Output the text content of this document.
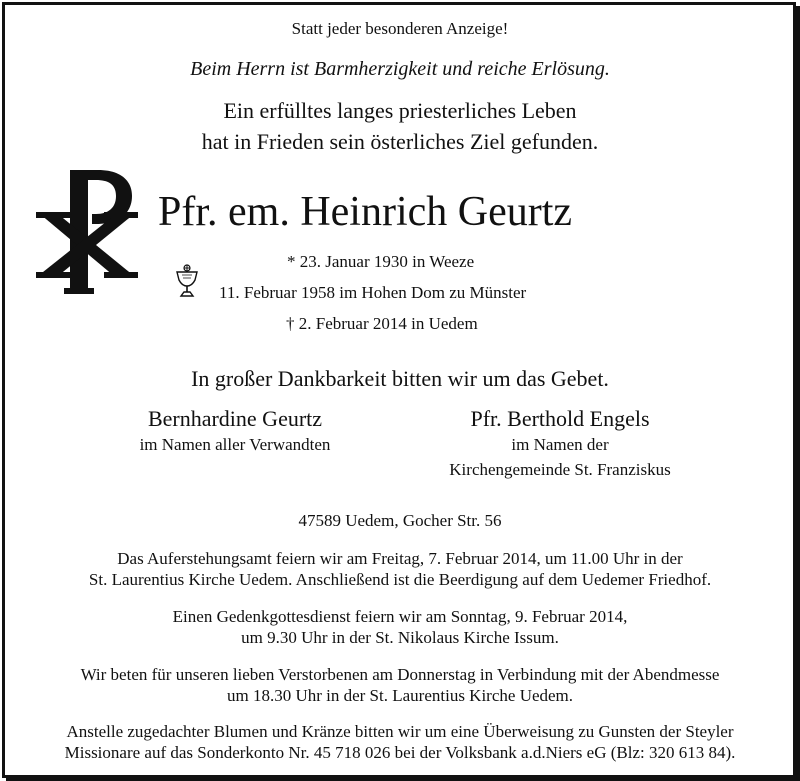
Statt jeder besonderen Anzeige!
Beim Herrn ist Barmherzigkeit und reiche Erlösung.
Ein erfülltes langes priesterliches Leben
hat in Frieden sein österliches Ziel gefunden.
Pfr. em. Heinrich Geurtz
* 23. Januar 1930 in Weeze
11. Februar 1958 im Hohen Dom zu Münster
† 2. Februar 2014 in Uedem
In großer Dankbarkeit bitten wir um das Gebet.
Bernhardine Geurtz
im Namen aller Verwandten
Pfr. Berthold Engels
im Namen der
Kirchengemeinde St. Franziskus
47589 Uedem, Gocher Str. 56
Das Auferstehungsamt feiern wir am Freitag, 7. Februar 2014, um 11.00 Uhr in der
St. Laurentius Kirche Uedem. Anschließend ist die Beerdigung auf dem Uedemer Friedhof.
Einen Gedenkgottesdienst feiern wir am Sonntag, 9. Februar 2014,
um 9.30 Uhr in der St. Nikolaus Kirche Issum.
Wir beten für unseren lieben Verstorbenen am Donnerstag in Verbindung mit der Abendmesse
um 18.30 Uhr in der St. Laurentius Kirche Uedem.
Anstelle zugedachter Blumen und Kränze bitten wir um eine Überweisung zu Gunsten der Steyler
Missionare auf das Sonderkonto Nr. 45 718 026 bei der Volksbank a.d.Niers eG (Blz: 320 613 84).
